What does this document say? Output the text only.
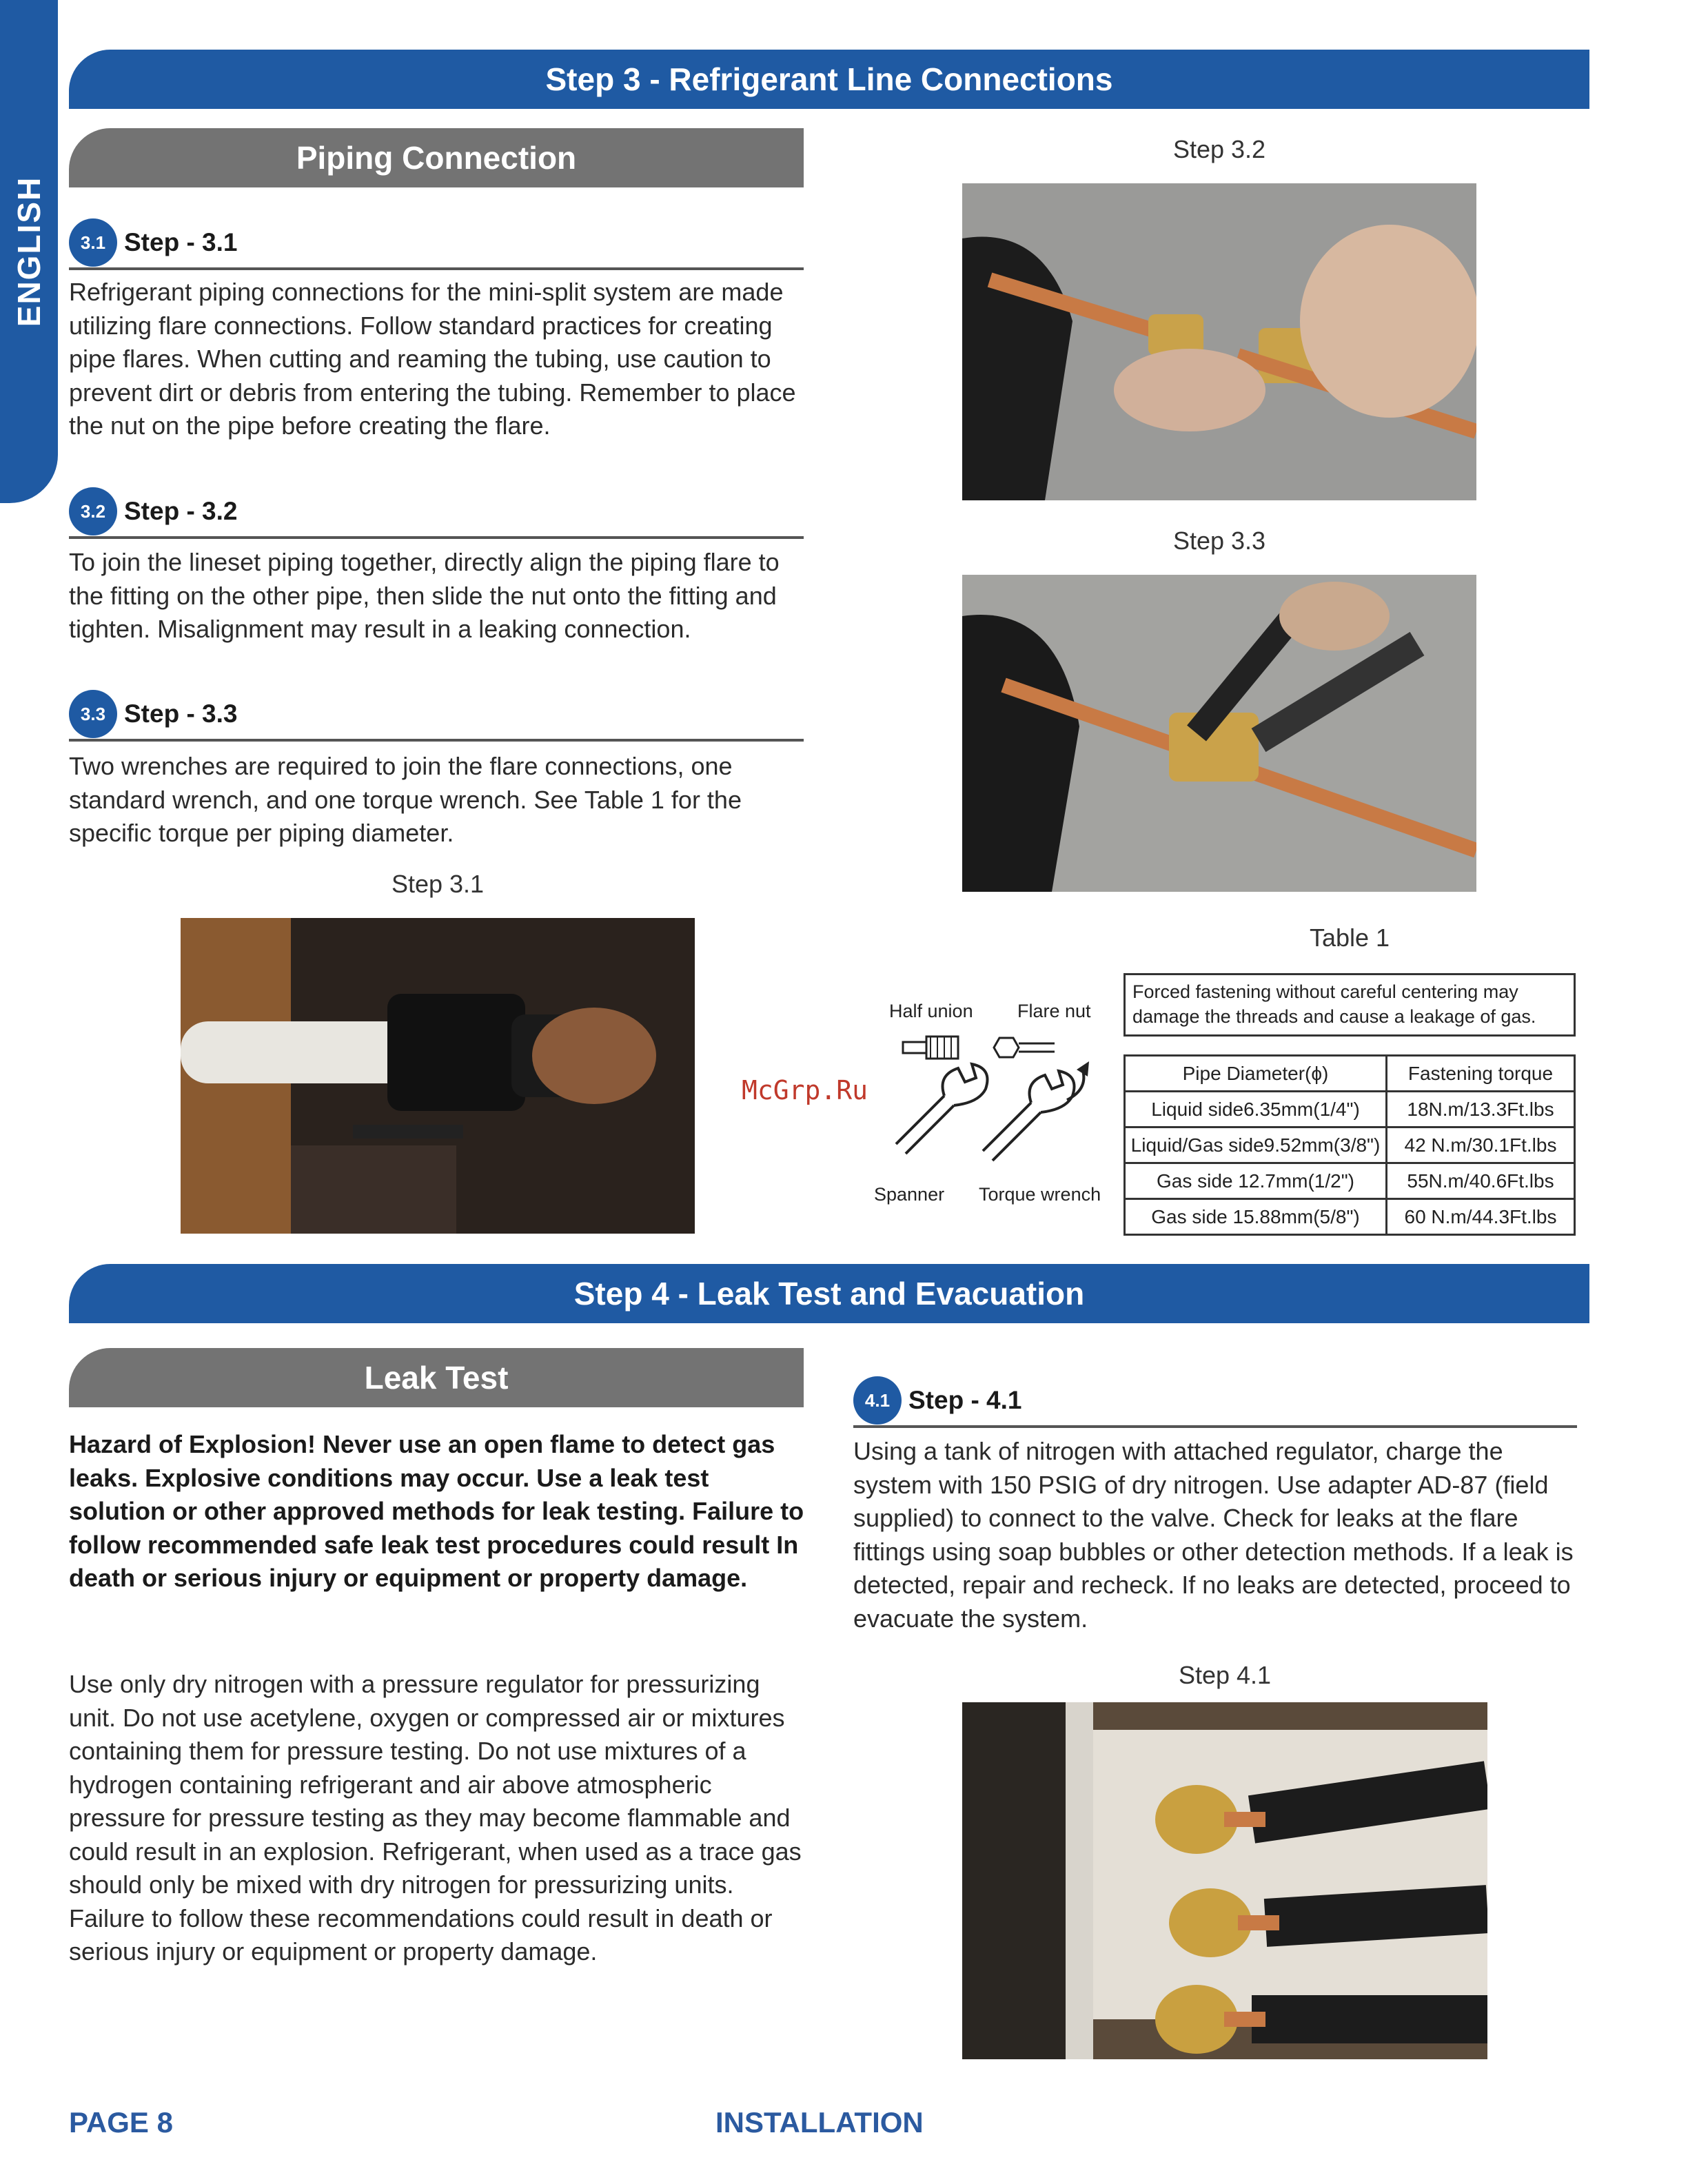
ENGLISH
Step 3 - Refrigerant Line Connections
Piping Connection
3.1 Step - 3.1
Refrigerant piping connections for the mini-split system are made utilizing flare connections. Follow standard practices for creating pipe flares. When cutting and reaming the tubing, use caution to prevent dirt or debris from entering the tubing. Remember to place the nut on the pipe before creating the flare.
3.2 Step - 3.2
To join the lineset piping together, directly align the piping flare to the fitting on the other pipe, then slide the nut onto the fitting and tighten. Misalignment may result in a leaking connection.
3.3 Step - 3.3
Two wrenches are required to join the flare connections, one standard wrench, and one torque wrench. See Table 1 for the specific torque per piping diameter.
Step 3.1
Step 3.2
Step 3.3
Table 1
Forced fastening without careful centering may damage the threads and cause a leakage of gas.
Half union Flare nut
Spanner Torque wrench
Pipe Diameter(ϕ)	Fastening torque
Liquid side6.35mm(1/4")	18N.m/13.3Ft.lbs
Liquid/Gas side9.52mm(3/8")	42 N.m/30.1Ft.lbs
Gas side 12.7mm(1/2")	55N.m/40.6Ft.lbs
Gas side 15.88mm(5/8")	60 N.m/44.3Ft.lbs
McGrp.Ru
Step 4 - Leak Test and Evacuation
Leak Test
Hazard of Explosion! Never use an open flame to detect gas leaks. Explosive conditions may occur. Use a leak test solution or other approved methods for leak testing. Failure to follow recommended safe leak test procedures could result In death or serious injury or equipment or property damage.
Use only dry nitrogen with a pressure regulator for pressurizing unit. Do not use acetylene, oxygen or compressed air or mixtures containing them for pressure testing. Do not use mixtures of a hydrogen containing refrigerant and air above atmospheric pressure for pressure testing as they may become flammable and could result in an explosion. Refrigerant, when used as a trace gas should only be mixed with dry nitrogen for pressurizing units. Failure to follow these recommendations could result in death or serious injury or equipment or property damage.
4.1 Step - 4.1
Using a tank of nitrogen with attached regulator, charge the system with 150 PSIG of dry nitrogen. Use adapter AD-87 (field supplied) to connect to the valve. Check for leaks at the flare fittings using soap bubbles or other detection methods. If a leak is detected, repair and recheck. If no leaks are detected, proceed to evacuate the system.
Step 4.1
PAGE 8	INSTALLATION
